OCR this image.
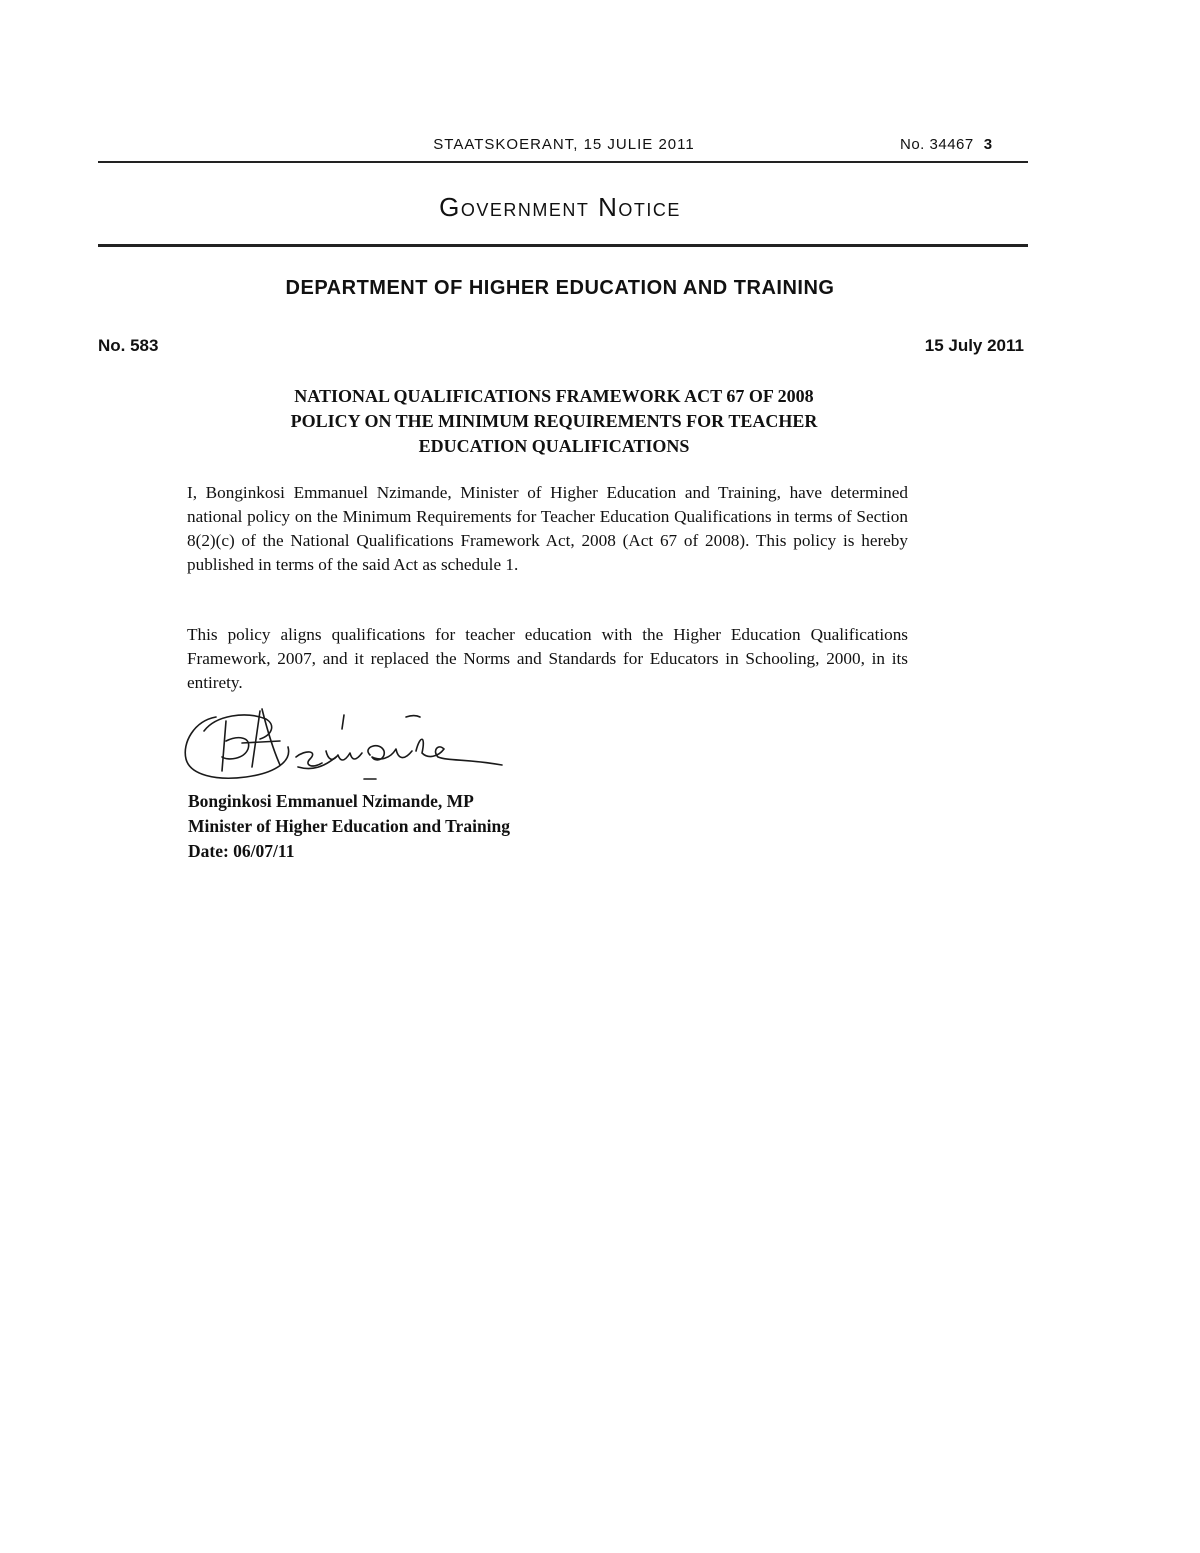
STAATSKOERANT, 15 JULIE 2011	No. 34467 3
Government Notice
DEPARTMENT OF HIGHER EDUCATION AND TRAINING
No. 583	15 July 2011
NATIONAL QUALIFICATIONS FRAMEWORK ACT 67 OF 2008
POLICY ON THE MINIMUM REQUIREMENTS FOR TEACHER
EDUCATION QUALIFICATIONS
I, Bonginkosi Emmanuel Nzimande, Minister of Higher Education and Training, have determined national policy on the Minimum Requirements for Teacher Education Qualifications in terms of Section 8(2)(c) of the National Qualifications Framework Act, 2008 (Act 67 of 2008). This policy is hereby published in terms of the said Act as schedule 1.
This policy aligns qualifications for teacher education with the Higher Education Qualifications Framework, 2007, and it replaced the Norms and Standards for Educators in Schooling, 2000, in its entirety.
Bonginkosi Emmanuel Nzimande, MP
Minister of Higher Education and Training
Date: 06/07/11
